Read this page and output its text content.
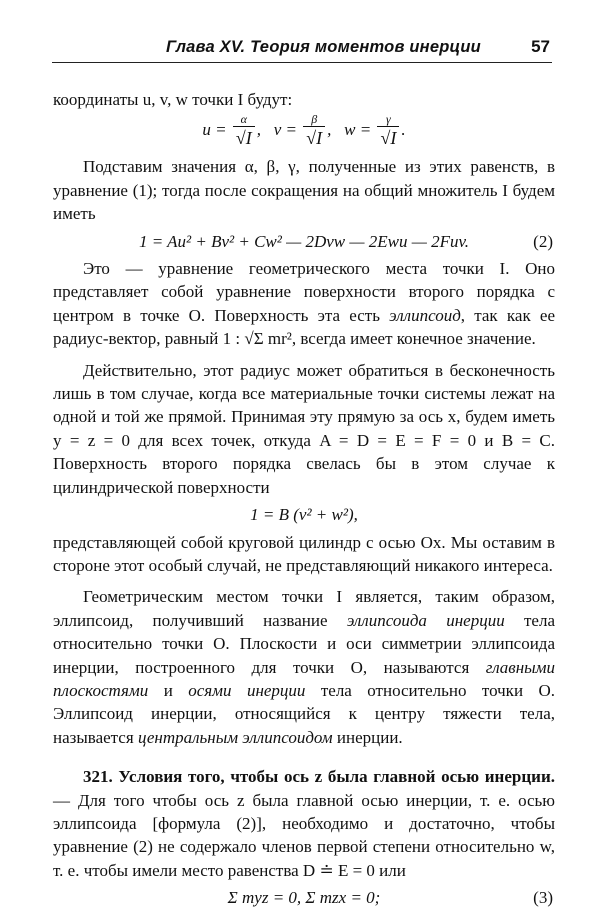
Глава XV. Теория моментов инерции	57

координаты u, v, w точки I будут:

$u = \frac{\alpha}{√I}$ ,   $v = \frac{\beta}{√I}$ ,   $w = \frac{\gamma}{√I}$ .

Подставим значения α, β, γ, полученные из этих равенств, в уравнение (1); тогда после сокращения на общий множитель I будем иметь

1 = Au² + Bv² + Cw² — 2Dvw — 2Ewu — 2Fuv.	(2)

Это — уравнение геометрического места точки I. Оно представляет собой уравнение поверхности второго порядка с центром в точке O. Поверхность эта есть эллипсоид, так как ее радиус-вектор, равный 1 : √Σ mr², всегда имеет конечное значение.

Действительно, этот радиус может обратиться в бесконечность лишь в том случае, когда все материальные точки системы лежат на одной и той же прямой. Принимая эту прямую за ось x, будем иметь y = z = 0 для всех точек, откуда A = D = E = F = 0 и B = C. Поверхность второго порядка свелась бы в этом случае к цилиндрической поверхности

1 = B (v² + w²),

представляющей собой круговой цилиндр с осью Ox. Мы оставим в стороне этот особый случай, не представляющий никакого интереса.

Геометрическим местом точки I является, таким образом, эллипсоид, получивший название эллипсоида инерции тела относительно точки O. Плоскости и оси симметрии эллипсоида инерции, построенного для точки O, называются главными плоскостями и осями инерции тела относительно точки O. Эллипсоид инерции, относящийся к центру тяжести тела, называется центральным эллипсоидом инерции.

321. Условия того, чтобы ось z была главной осью инерции. — Для того чтобы ось z была главной осью инерции, т. е. осью эллипсоида [формула (2)], необходимо и достаточно, чтобы уравнение (2) не содержало членов первой степени относительно w, т. е. чтобы имели место равенства D ≐ E = 0 или

Σ myz = 0, Σ mzx = 0;	(3)
